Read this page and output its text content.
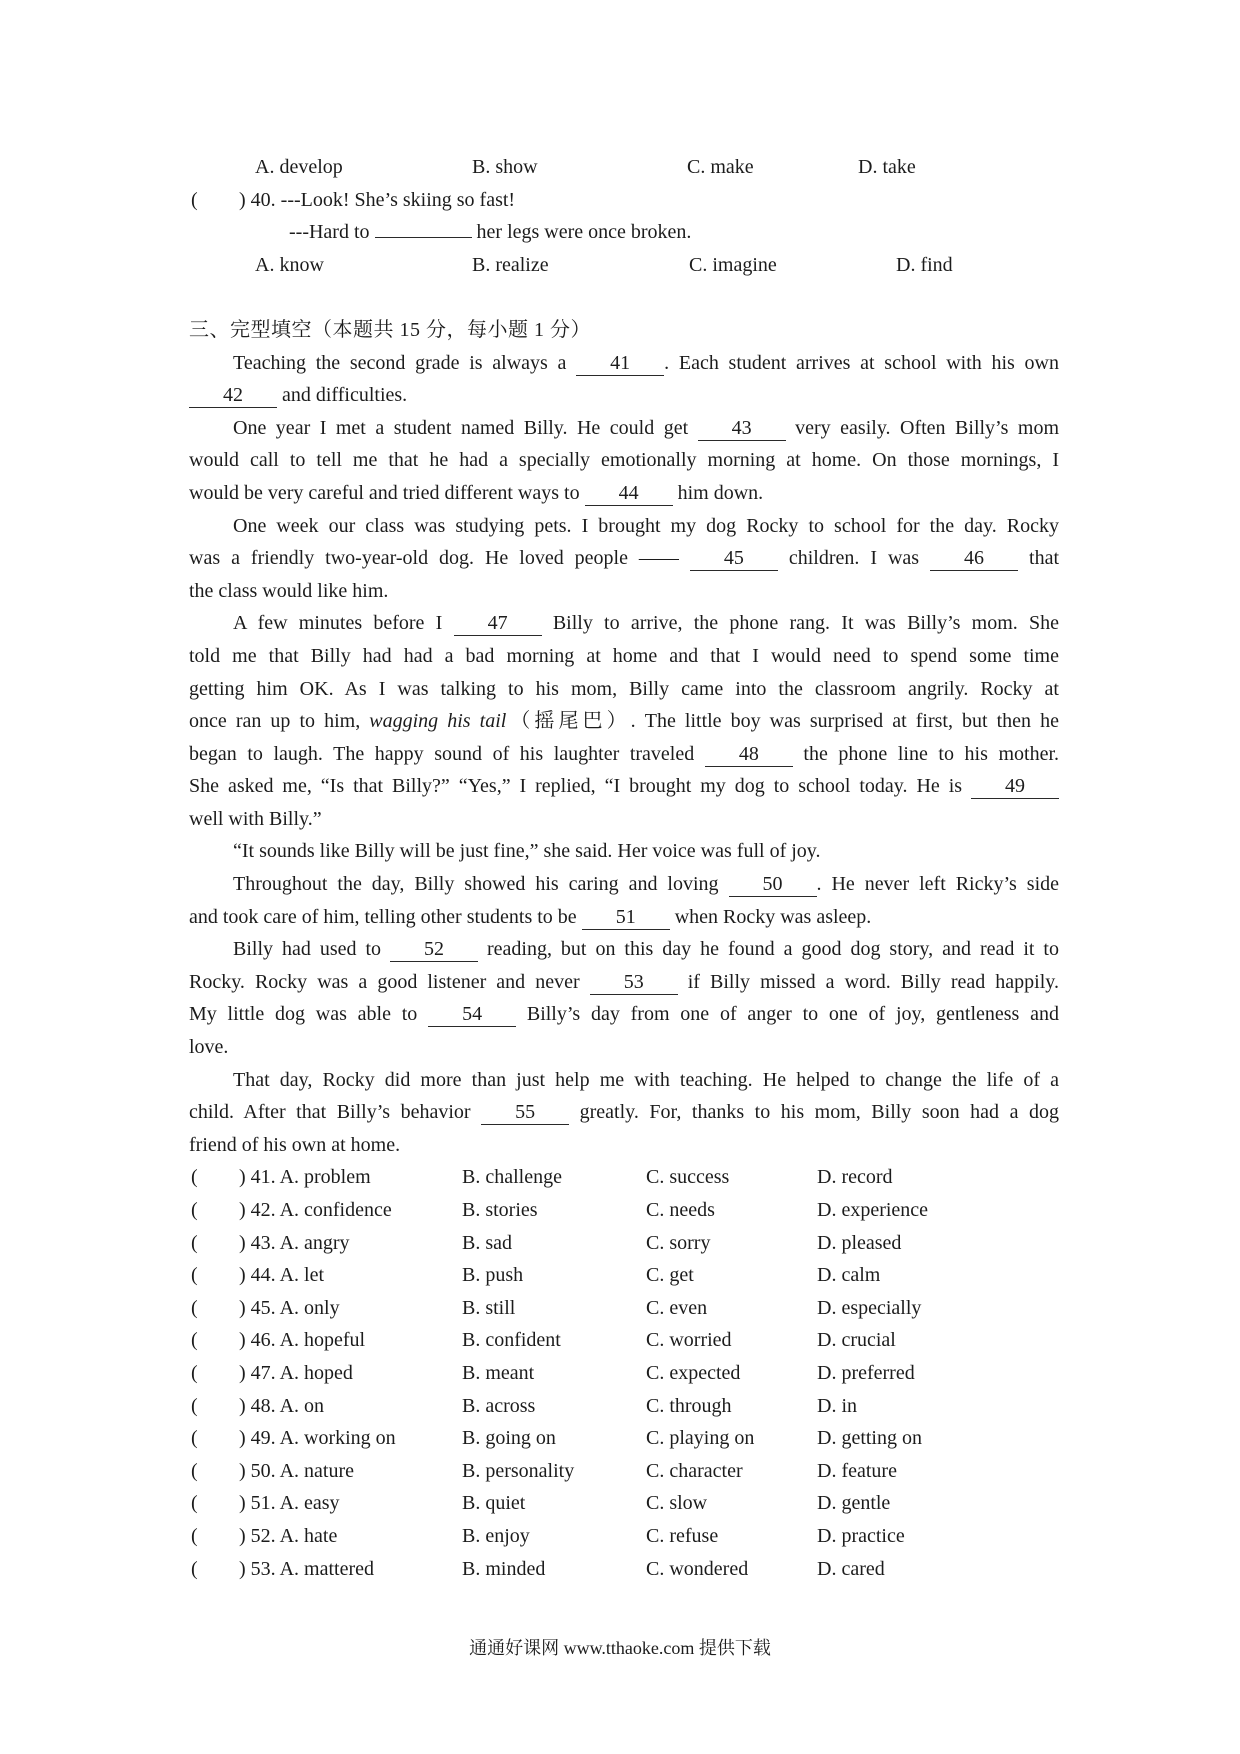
A. develop	B. show	C. make	D. take
( ) 40. ---Look! She’s skiing so fast!
---Hard to	her legs were once broken.
A. know	B. realize	C. imagine	D. find
三、完型填空（本题共 15 分，每小题 1 分）
Teaching the second grade is always a 41 . Each student arrives at school with his own
42 and difficulties.
One year I met a student named Billy. He could get 43 very easily. Often Billy’s mom
would call to tell me that he had a specially emotionally morning at home. On those mornings, I
would be very careful and tried different ways to 44 him down.
One week our class was studying pets. I brought my dog Rocky to school for the day. Rocky
was a friendly two-year-old dog. He loved people —— 45 children. I was 46 that
the class would like him.
A few minutes before I 47 Billy to arrive, the phone rang. It was Billy’s mom. She
told me that Billy had had a bad morning at home and that I would need to spend some time
getting him OK. As I was talking to his mom, Billy came into the classroom angrily. Rocky at
once ran up to him, wagging his tail（摇尾巴）. The little boy was surprised at first, but then he
began to laugh. The happy sound of his laughter traveled 48 the phone line to his mother.
She asked me, “Is that Billy?” “Yes,” I replied, “I brought my dog to school today. He is 49
well with Billy.”
“It sounds like Billy will be just fine,” she said. Her voice was full of joy.
Throughout the day, Billy showed his caring and loving 50 . He never left Ricky’s side
and took care of him, telling other students to be 51 when Rocky was asleep.
Billy had used to 52 reading, but on this day he found a good dog story, and read it to
Rocky. Rocky was a good listener and never 53 if Billy missed a word. Billy read happily.
My little dog was able to 54 Billy’s day from one of anger to one of joy, gentleness and
love.
That day, Rocky did more than just help me with teaching. He helped to change the life of a
child. After that Billy’s behavior 55 greatly. For, thanks to his mom, Billy soon had a dog
friend of his own at home.
( ) 41. A. problem	B. challenge	C. success	D. record
( ) 42. A. confidence	B. stories	C. needs	D. experience
( ) 43. A. angry	B. sad	C. sorry	D. pleased
( ) 44. A. let	B. push	C. get	D. calm
( ) 45. A. only	B. still	C. even	D. especially
( ) 46. A. hopeful	B. confident	C. worried	D. crucial
( ) 47. A. hoped	B. meant	C. expected	D. preferred
( ) 48. A. on	B. across	C. through	D. in
( ) 49. A. working on	B. going on	C. playing on	D. getting on
( ) 50. A. nature	B. personality	C. character	D. feature
( ) 51. A. easy	B. quiet	C. slow	D. gentle
( ) 52. A. hate	B. enjoy	C. refuse	D. practice
( ) 53. A. mattered	B. minded	C. wondered	D. cared
通通好课网 www.tthaoke.com 提供下载
